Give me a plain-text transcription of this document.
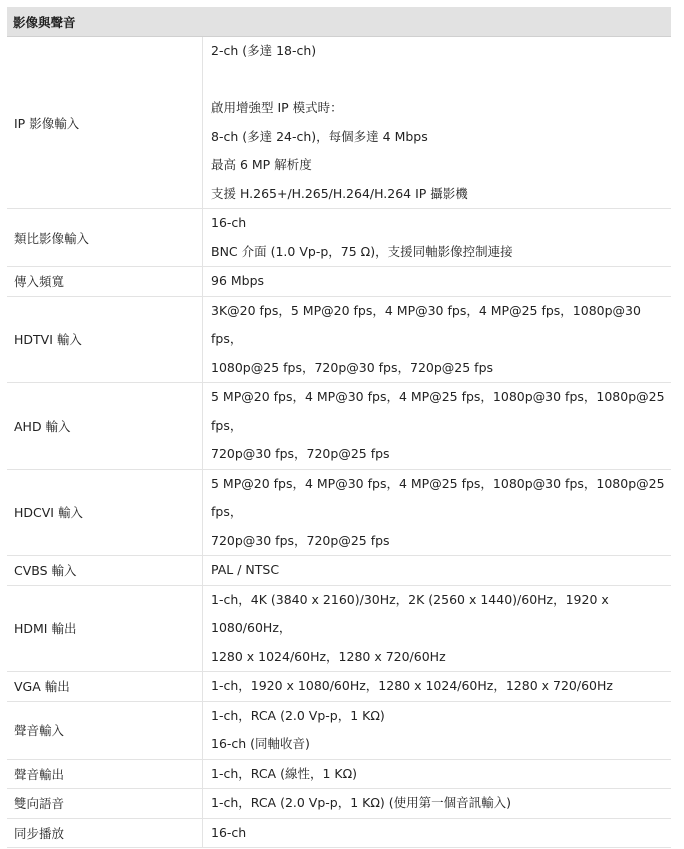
影像與聲音
IP 影像輸入	2-ch (多達 18-ch)
啟用增強型 IP 模式時：
8-ch (多達 24-ch)，每個多達 4 Mbps
最高 6 MP 解析度
支援 H.265+/H.265/H.264/H.264 IP 攝影機

類比影像輸入	16-ch
BNC 介面 (1.0 Vp-p，75 Ω)，支援同軸影像控制連接

傳入頻寬	96 Mbps

HDTVI 輸入	3K@20 fps，5 MP@20 fps，4 MP@30 fps，4 MP@25 fps，1080p@30
fps，
1080p@25 fps，720p@30 fps，720p@25 fps

AHD 輸入	5 MP@20 fps，4 MP@30 fps，4 MP@25 fps，1080p@30 fps，1080p@25
fps，
720p@30 fps，720p@25 fps

HDCVI 輸入	5 MP@20 fps，4 MP@30 fps，4 MP@25 fps，1080p@30 fps，1080p@25
fps，
720p@30 fps，720p@25 fps

CVBS 輸入	PAL / NTSC

HDMI 輸出	1-ch，4K (3840 x 2160)/30Hz，2K (2560 x 1440)/60Hz，1920 x
1080/60Hz，
1280 x 1024/60Hz，1280 x 720/60Hz

VGA 輸出	1-ch，1920 x 1080/60Hz，1280 x 1024/60Hz，1280 x 720/60Hz

聲音輸入	1-ch，RCA (2.0 Vp-p，1 KΩ)
16-ch (同軸收音)

聲音輸出	1-ch，RCA (線性，1 KΩ)

雙向語音	1-ch，RCA (2.0 Vp-p，1 KΩ) (使用第一個音訊輸入)

同步播放	16-ch
